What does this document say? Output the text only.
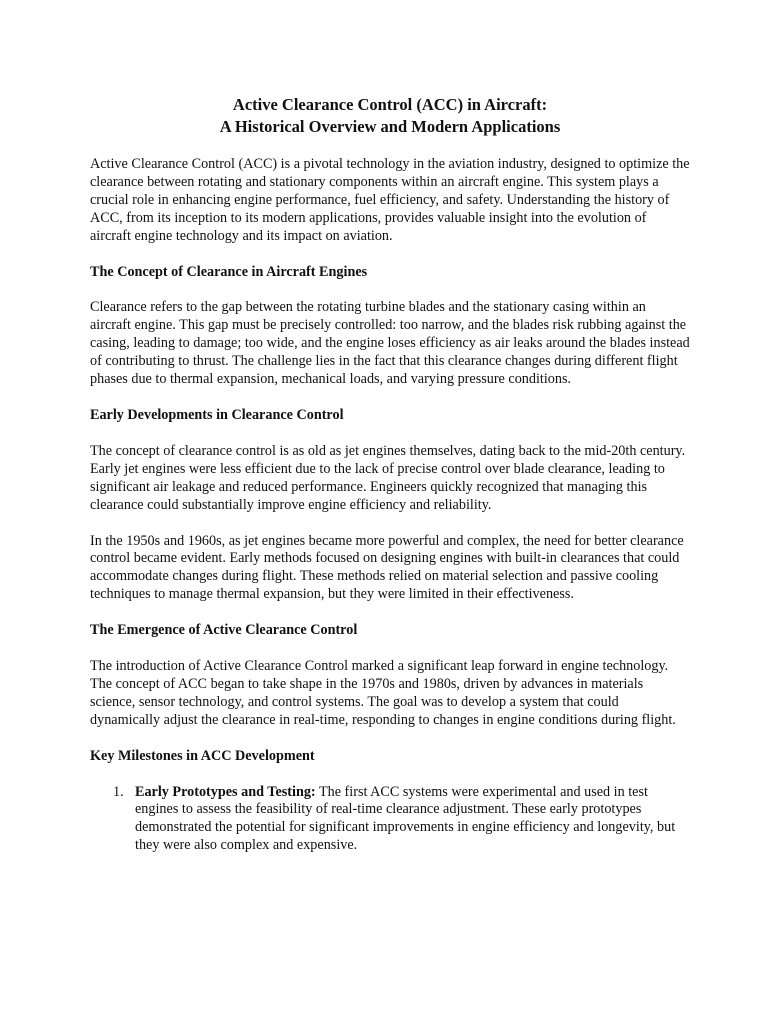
Active Clearance Control (ACC) in Aircraft:
A Historical Overview and Modern Applications

Active Clearance Control (ACC) is a pivotal technology in the aviation industry, designed to optimize the clearance between rotating and stationary components within an aircraft engine. This system plays a crucial role in enhancing engine performance, fuel efficiency, and safety. Understanding the history of ACC, from its inception to its modern applications, provides valuable insight into the evolution of aircraft engine technology and its impact on aviation.

The Concept of Clearance in Aircraft Engines

Clearance refers to the gap between the rotating turbine blades and the stationary casing within an aircraft engine. This gap must be precisely controlled: too narrow, and the blades risk rubbing against the casing, leading to damage; too wide, and the engine loses efficiency as air leaks around the blades instead of contributing to thrust. The challenge lies in the fact that this clearance changes during different flight phases due to thermal expansion, mechanical loads, and varying pressure conditions.

Early Developments in Clearance Control

The concept of clearance control is as old as jet engines themselves, dating back to the mid-20th century. Early jet engines were less efficient due to the lack of precise control over blade clearance, leading to significant air leakage and reduced performance. Engineers quickly recognized that managing this clearance could substantially improve engine efficiency and reliability.

In the 1950s and 1960s, as jet engines became more powerful and complex, the need for better clearance control became evident. Early methods focused on designing engines with built-in clearances that could accommodate changes during flight. These methods relied on material selection and passive cooling techniques to manage thermal expansion, but they were limited in their effectiveness.

The Emergence of Active Clearance Control

The introduction of Active Clearance Control marked a significant leap forward in engine technology. The concept of ACC began to take shape in the 1970s and 1980s, driven by advances in materials science, sensor technology, and control systems. The goal was to develop a system that could dynamically adjust the clearance in real-time, responding to changes in engine conditions during flight.

Key Milestones in ACC Development
1. Early Prototypes and Testing: The first ACC systems were experimental and used in test engines to assess the feasibility of real-time clearance adjustment. These early prototypes demonstrated the potential for significant improvements in engine efficiency and longevity, but they were also complex and expensive.
